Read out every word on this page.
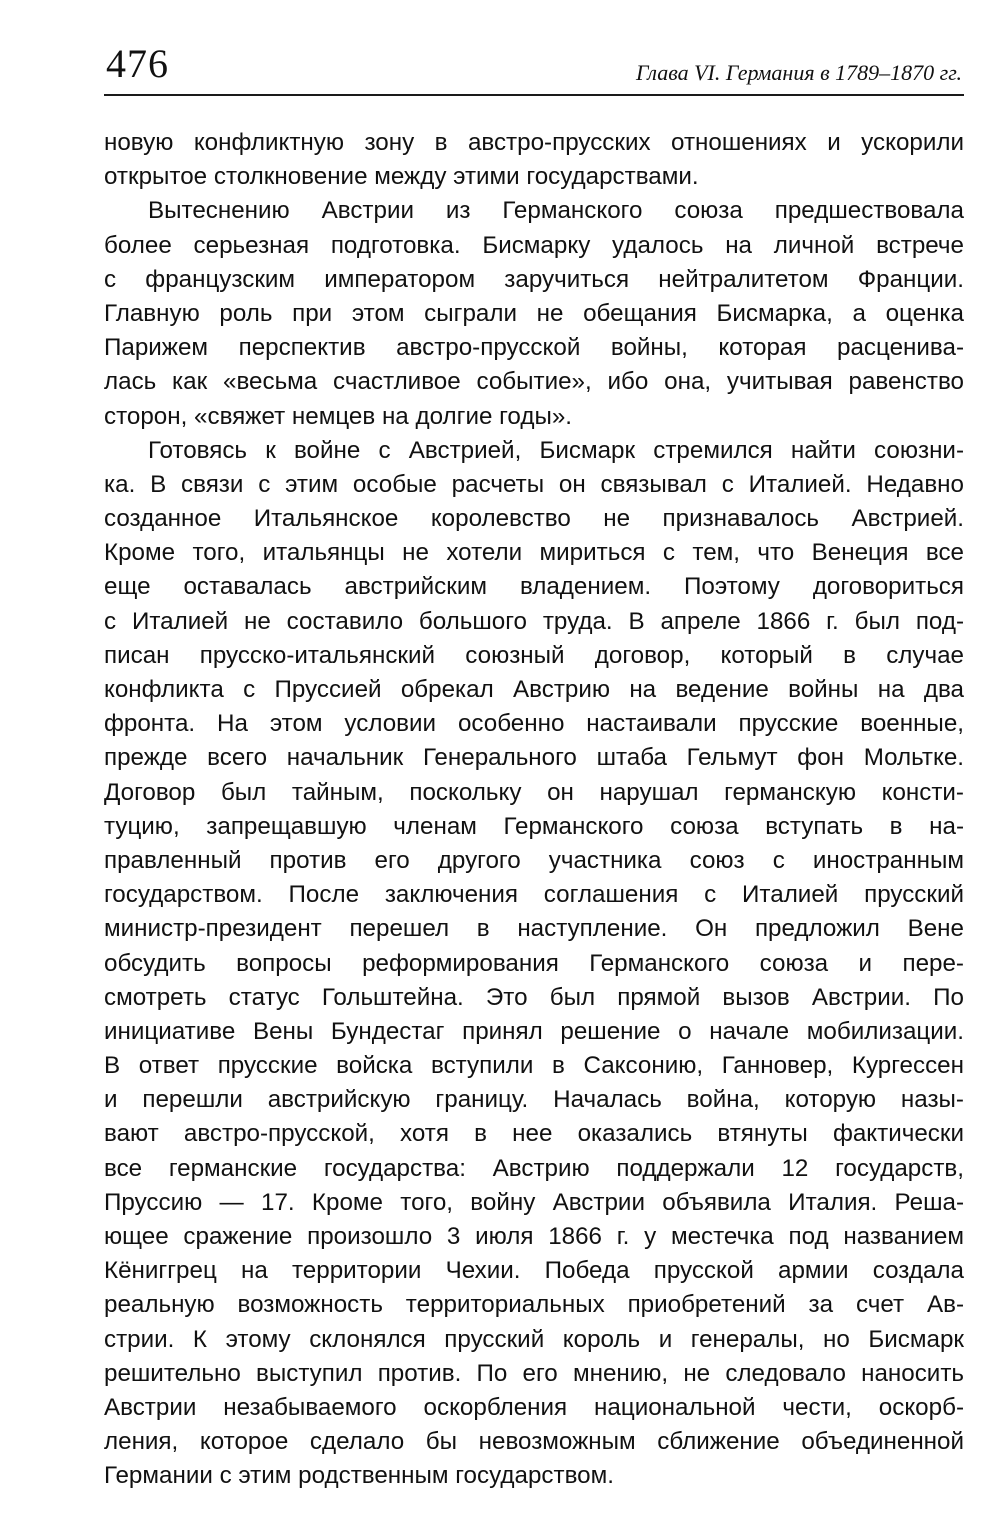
476	Глава VI. Германия в 1789–1870 гг.
новую конфликтную зону в австро-прусских отношениях и ускорили
открытое столкновение между этими государствами.
Вытеснению Австрии из Германского союза предшествовала
более серьезная подготовка. Бисмарку удалось на личной встрече
с французским императором заручиться нейтралитетом Франции.
Главную роль при этом сыграли не обещания Бисмарка, а оценка
Парижем перспектив австро-прусской войны, которая расценива-
лась как «весьма счастливое событие», ибо она, учитывая равенство
сторон, «свяжет немцев на долгие годы».
Готовясь к войне с Австрией, Бисмарк стремился найти союзни-
ка. В связи с этим особые расчеты он связывал с Италией. Недавно
созданное Итальянское королевство не признавалось Австрией.
Кроме того, итальянцы не хотели мириться с тем, что Венеция все
еще оставалась австрийским владением. Поэтому договориться
с Италией не составило большого труда. В апреле 1866 г. был под-
писан прусско-итальянский союзный договор, который в случае
конфликта с Пруссией обрекал Австрию на ведение войны на два
фронта. На этом условии особенно настаивали прусские военные,
прежде всего начальник Генерального штаба Гельмут фон Мольтке.
Договор был тайным, поскольку он нарушал германскую консти-
туцию, запрещавшую членам Германского союза вступать в на-
правленный против его другого участника союз с иностранным
государством. После заключения соглашения с Италией прусский
министр-президент перешел в наступление. Он предложил Вене
обсудить вопросы реформирования Германского союза и пере-
смотреть статус Гольштейна. Это был прямой вызов Австрии. По
инициативе Вены Бундестаг принял решение о начале мобилизации.
В ответ прусские войска вступили в Саксонию, Ганновер, Кургессен
и перешли австрийскую границу. Началась война, которую назы-
вают австро-прусской, хотя в нее оказались втянуты фактически
все германские государства: Австрию поддержали 12 государств,
Пруссию — 17. Кроме того, войну Австрии объявила Италия. Реша-
ющее сражение произошло 3 июля 1866 г. у местечка под названием
Кёниггрец на территории Чехии. Победа прусской армии создала
реальную возможность территориальных приобретений за счет Ав-
стрии. К этому склонялся прусский король и генералы, но Бисмарк
решительно выступил против. По его мнению, не следовало наносить
Австрии незабываемого оскорбления национальной чести, оскорб-
ления, которое сделало бы невозможным сближение объединенной
Германии с этим родственным государством.
